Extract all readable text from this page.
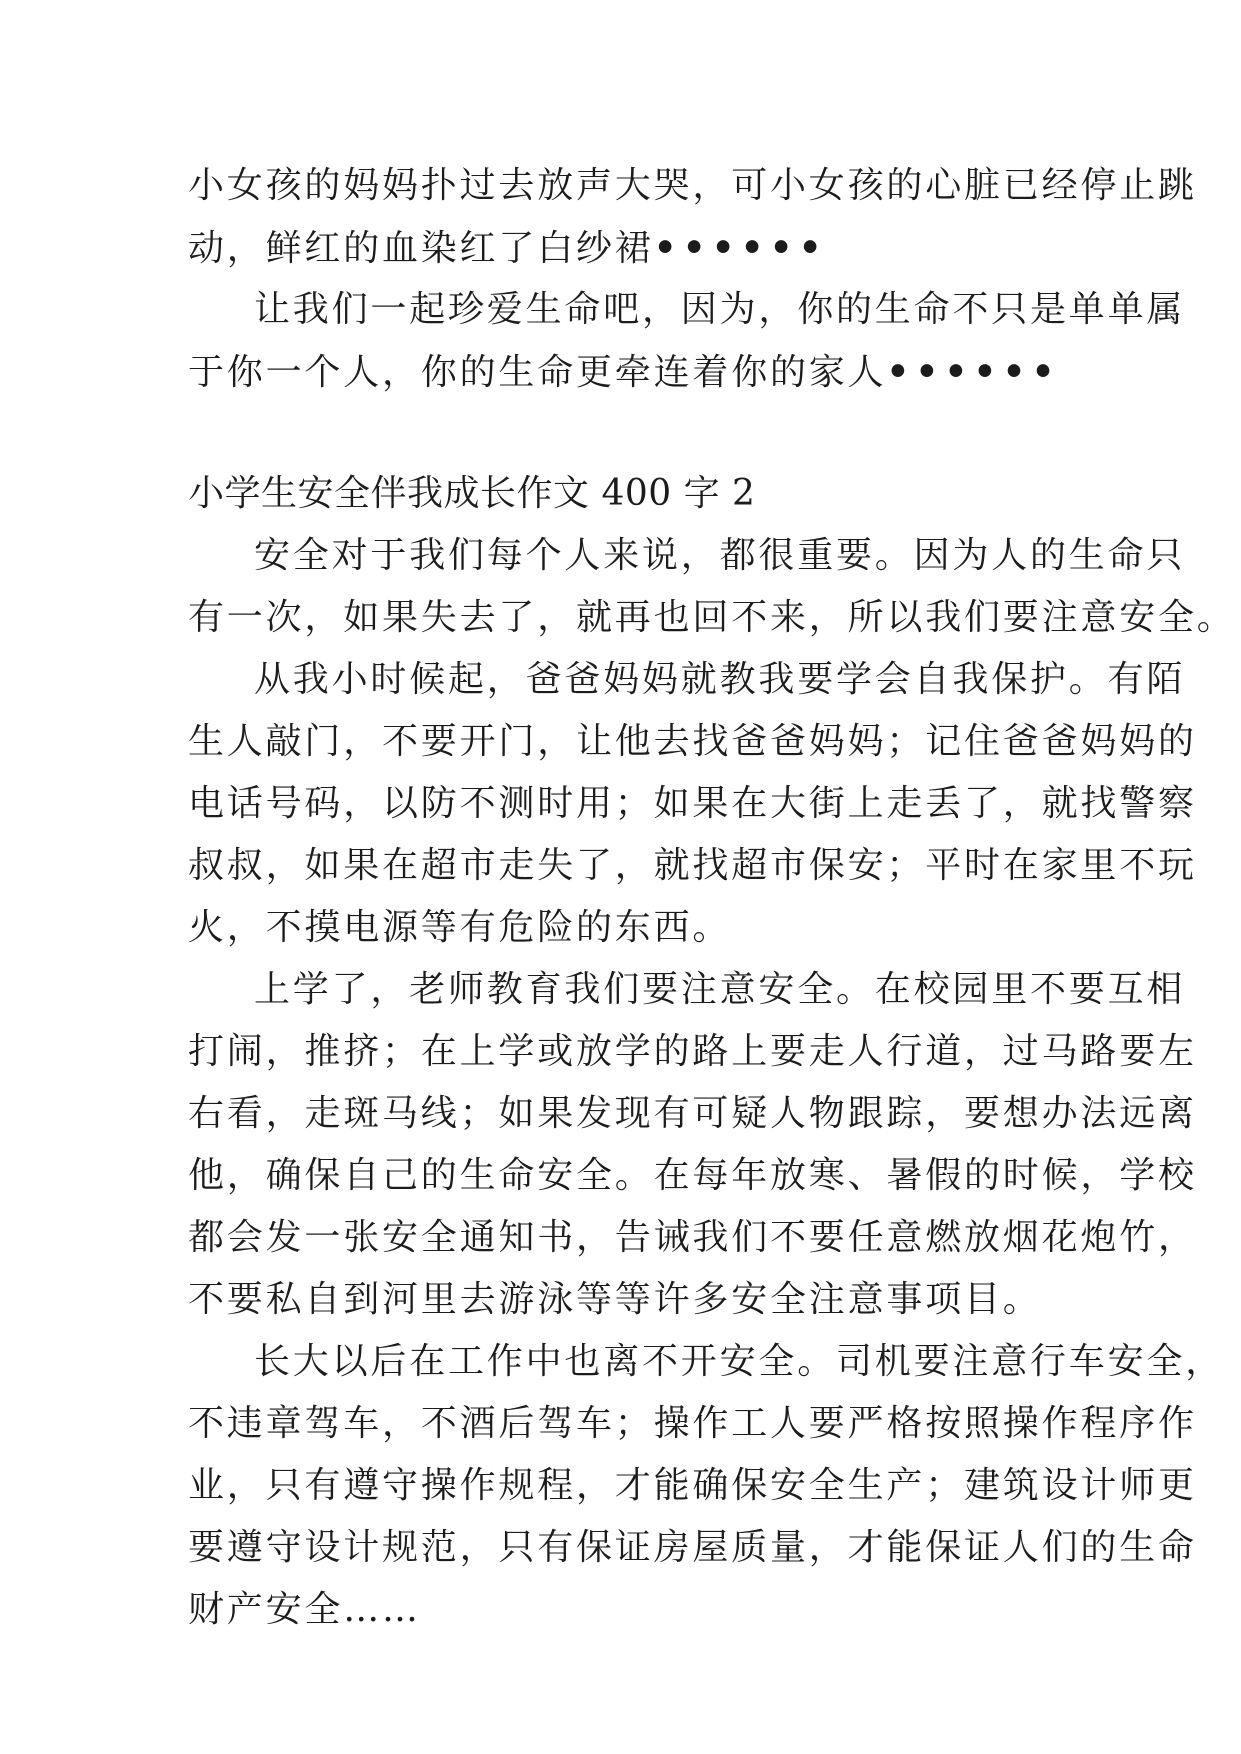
小女孩的妈妈扑过去放声大哭，可小女孩的心脏已经停止跳
动，鲜红的血染红了白纱裙••••••
让我们一起珍爱生命吧，因为，你的生命不只是单单属
于你一个人，你的生命更牵连着你的家人••••••
小学生安全伴我成长作文 400 字 2
安全对于我们每个人来说，都很重要。因为人的生命只
有一次，如果失去了，就再也回不来，所以我们要注意安全。
从我小时候起，爸爸妈妈就教我要学会自我保护。有陌
生人敲门，不要开门，让他去找爸爸妈妈；记住爸爸妈妈的
电话号码，以防不测时用；如果在大街上走丢了，就找警察
叔叔，如果在超市走失了，就找超市保安；平时在家里不玩
火，不摸电源等有危险的东西。
上学了，老师教育我们要注意安全。在校园里不要互相
打闹，推挤；在上学或放学的路上要走人行道，过马路要左
右看，走斑马线；如果发现有可疑人物跟踪，要想办法远离
他，确保自己的生命安全。在每年放寒、暑假的时候，学校
都会发一张安全通知书，告诫我们不要任意燃放烟花炮竹，
不要私自到河里去游泳等等许多安全注意事项目。
长大以后在工作中也离不开安全。司机要注意行车安全，
不违章驾车，不酒后驾车；操作工人要严格按照操作程序作
业，只有遵守操作规程，才能确保安全生产；建筑设计师更
要遵守设计规范，只有保证房屋质量，才能保证人们的生命
财产安全……
